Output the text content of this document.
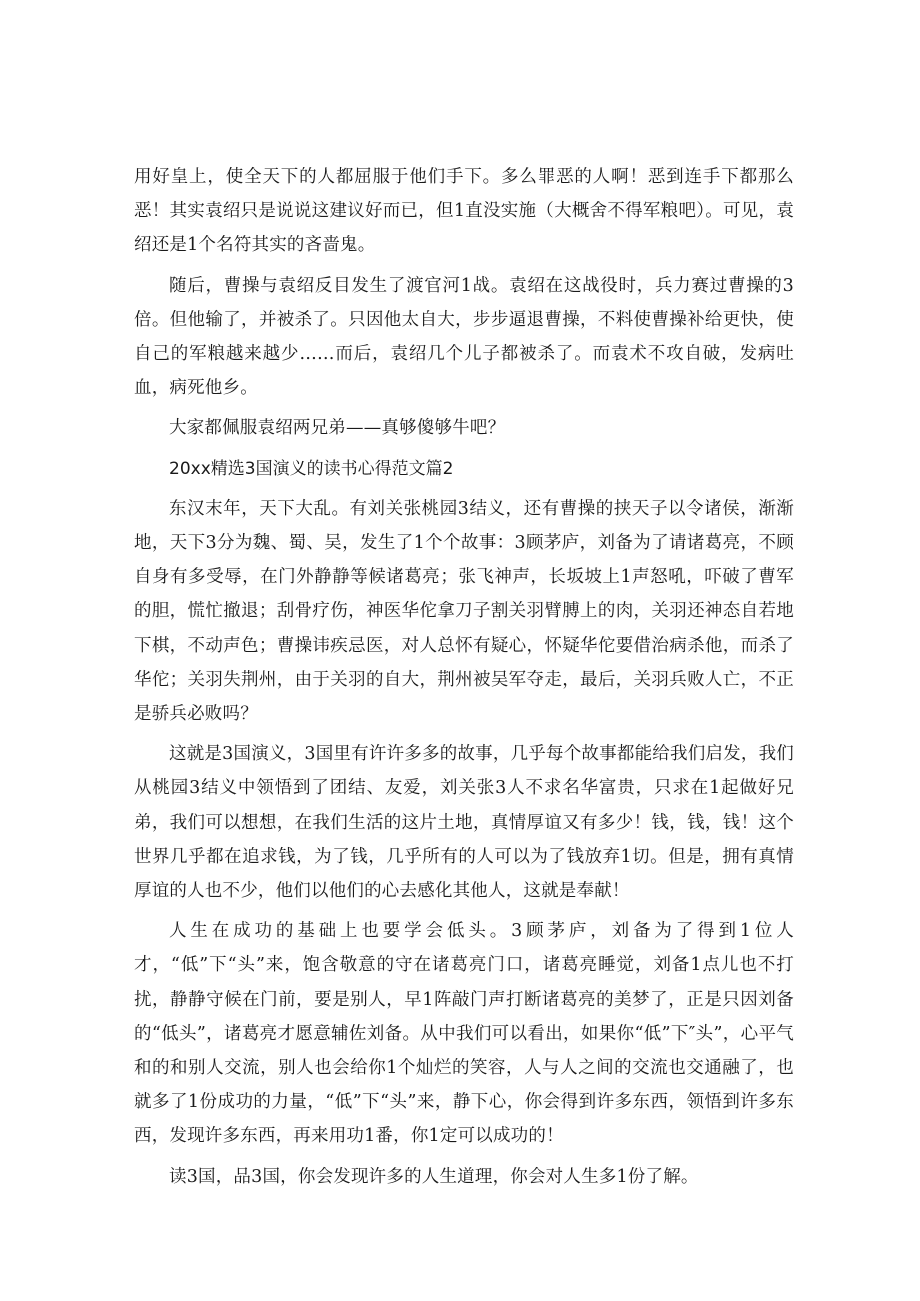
用好皇上，使全天下的人都屈服于他们手下。多么罪恶的人啊！恶到连手下都那么恶！其实袁绍只是说说这建议好而已，但1直没实施（大概舍不得军粮吧）。可见，袁绍还是1个名符其实的吝啬鬼。

随后，曹操与袁绍反目发生了渡官河1战。袁绍在这战役时，兵力赛过曹操的3倍。但他输了，并被杀了。只因他太自大，步步逼退曹操，不料使曹操补给更快，使自己的军粮越来越少……而后，袁绍几个儿子都被杀了。而袁术不攻自破，发病吐血，病死他乡。

大家都佩服袁绍两兄弟——真够傻够牛吧？

20xx精选3国演义的读书心得范文篇2

东汉末年，天下大乱。有刘关张桃园3结义，还有曹操的挟天子以令诸侯，渐渐地，天下3分为魏、蜀、吴，发生了1个个故事：3顾茅庐，刘备为了请诸葛亮，不顾自身有多受辱，在门外静静等候诸葛亮；张飞神声，长坂坡上1声怒吼，吓破了曹军的胆，慌忙撤退；刮骨疗伤，神医华佗拿刀子割关羽臂膊上的肉，关羽还神态自若地下棋，不动声色；曹操讳疾忌医，对人总怀有疑心，怀疑华佗要借治病杀他，而杀了华佗；关羽失荆州，由于关羽的自大，荆州被吴军夺走，最后，关羽兵败人亡，不正是骄兵必败吗？

这就是3国演义，3国里有许许多多的故事，几乎每个故事都能给我们启发，我们从桃园3结义中领悟到了团结、友爱，刘关张3人不求名华富贵，只求在1起做好兄弟，我们可以想想，在我们生活的这片土地，真情厚谊又有多少！钱，钱，钱！这个世界几乎都在追求钱，为了钱，几乎所有的人可以为了钱放弃1切。但是，拥有真情厚谊的人也不少，他们以他们的心去感化其他人，这就是奉献！

人生在成功的基础上也要学会低头。3顾茅庐，刘备为了得到1位人才，“低”下“头”来，饱含敬意的守在诸葛亮门口，诸葛亮睡觉，刘备1点儿也不打扰，静静守候在门前，要是别人，早1阵敲门声打断诸葛亮的美梦了，正是只因刘备的“低头”，诸葛亮才愿意辅佐刘备。从中我们可以看出，如果你“低”下″头”，心平气和的和别人交流，别人也会给你1个灿烂的笑容，人与人之间的交流也交通融了，也就多了1份成功的力量，“低”下“头”来，静下心，你会得到许多东西，领悟到许多东西，发现许多东西，再来用功1番，你1定可以成功的！

读3国，品3国，你会发现许多的人生道理，你会对人生多1份了解。
